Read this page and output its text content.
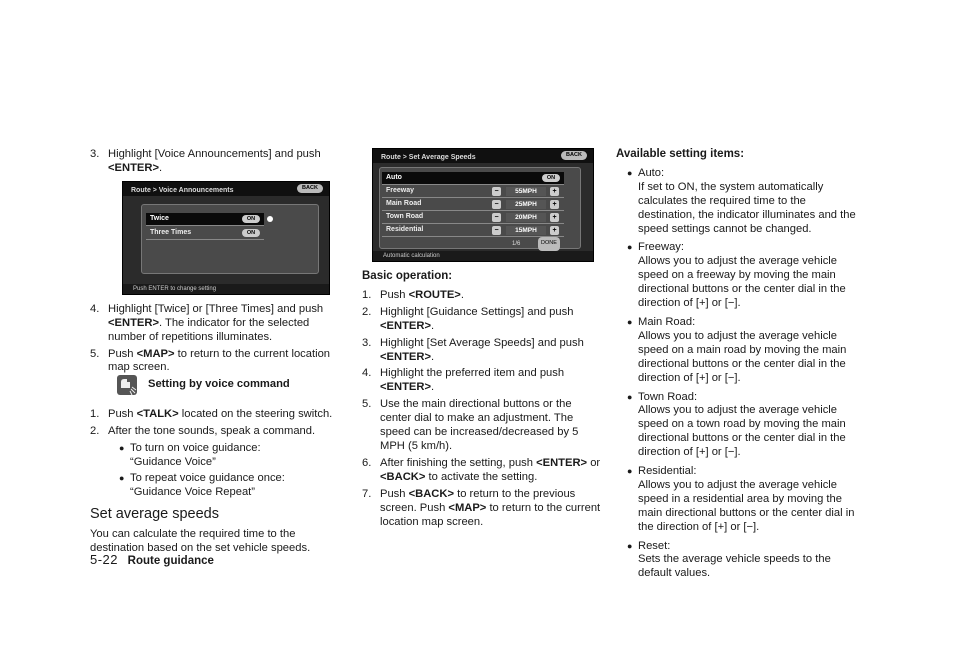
3. Highlight [Voice Announcements] and push
<ENTER>.
Route > Voice Announcements	BACK
Twice	ON
Three Times	ON
Push ENTER to change setting
4. Highlight [Twice] or [Three Times] and push
<ENTER>. The indicator for the selected number of repetitions illuminates.
5. Push <MAP> to return to the current location map screen.
Setting by voice command
1. Push <TALK> located on the steering switch.
2. After the tone sounds, speak a command.
● To turn on voice guidance:
“Guidance Voice”
● To repeat voice guidance once:
“Guidance Voice Repeat”
Set average speeds
You can calculate the required time to the destination based on the set vehicle speeds.
Route > Set Average Speeds	BACK
Auto	ON
Freeway	−	55MPH	+
Main Road	−	25MPH	+
Town Road	−	20MPH	+
Residential	−	15MPH	+
1/6	DONE
Automatic calculation
Basic operation:
1. Push <ROUTE>.
2. Highlight [Guidance Settings] and push
<ENTER>.
3. Highlight [Set Average Speeds] and push
<ENTER>.
4. Highlight the preferred item and push
<ENTER>.
5. Use the main directional buttons or the center dial to make an adjustment. The speed can be increased/decreased by 5 MPH (5 km/h).
6. After finishing the setting, push <ENTER> or <BACK> to activate the setting.
7. Push <BACK> to return to the previous screen. Push <MAP> to return to the current location map screen.
Available setting items:
● Auto:
If set to ON, the system automatically calculates the required time to the destination, the indicator illuminates and the speed settings cannot be changed.
● Freeway:
Allows you to adjust the average vehicle speed on a freeway by moving the main directional buttons or the center dial in the direction of [+] or [−].
● Main Road:
Allows you to adjust the average vehicle speed on a main road by moving the main directional buttons or the center dial in the direction of [+] or [−].
● Town Road:
Allows you to adjust the average vehicle speed on a town road by moving the main directional buttons or the center dial in the direction of [+] or [−].
● Residential:
Allows you to adjust the average vehicle speed in a residential area by moving the main directional buttons or the center dial in the direction of [+] or [−].
● Reset:
Sets the average vehicle speeds to the default values.
5-22 Route guidance
